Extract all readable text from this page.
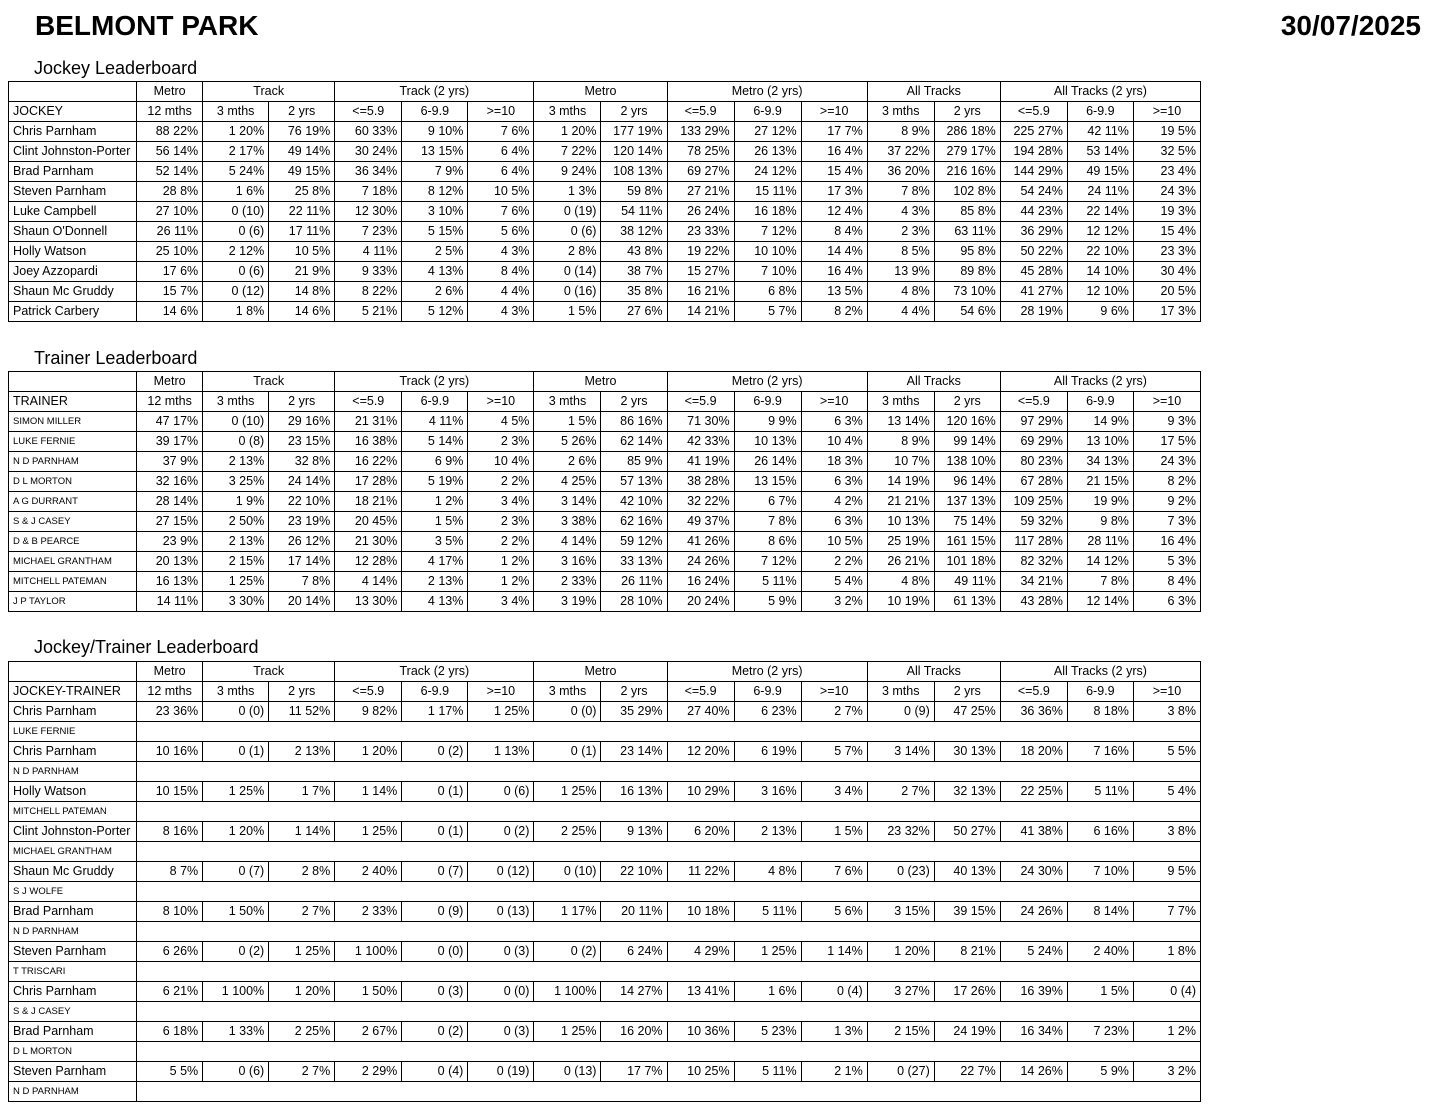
BELMONT PARK	30/07/2025
Jockey Leaderboard
	Metro	Track		Track (2 yrs)			Metro		Metro (2 yrs)			All Tracks		All Tracks (2 yrs)		
JOCKEY	12 mths	3 mths	2 yrs	<=5.9	6-9.9	>=10	3 mths	2 yrs	<=5.9	6-9.9	>=10	3 mths	2 yrs	<=5.9	6-9.9	>=10
Chris Parnham	88 22%	1 20%	76 19%	60 33%	9 10%	7 6%	1 20%	177 19%	133 29%	27 12%	17 7%	8 9%	286 18%	225 27%	42 11%	19 5%
Clint Johnston-Porter	56 14%	2 17%	49 14%	30 24%	13 15%	6 4%	7 22%	120 14%	78 25%	26 13%	16 4%	37 22%	279 17%	194 28%	53 14%	32 5%
Brad Parnham	52 14%	5 24%	49 15%	36 34%	7 9%	6 4%	9 24%	108 13%	69 27%	24 12%	15 4%	36 20%	216 16%	144 29%	49 15%	23 4%
Steven Parnham	28 8%	1 6%	25 8%	7 18%	8 12%	10 5%	1 3%	59 8%	27 21%	15 11%	17 3%	7 8%	102 8%	54 24%	24 11%	24 3%
Luke Campbell	27 10%	0 (10)	22 11%	12 30%	3 10%	7 6%	0 (19)	54 11%	26 24%	16 18%	12 4%	4 3%	85 8%	44 23%	22 14%	19 3%
Shaun O'Donnell	26 11%	0 (6)	17 11%	7 23%	5 15%	5 6%	0 (6)	38 12%	23 33%	7 12%	8 4%	2 3%	63 11%	36 29%	12 12%	15 4%
Holly Watson	25 10%	2 12%	10 5%	4 11%	2 5%	4 3%	2 8%	43 8%	19 22%	10 10%	14 4%	8 5%	95 8%	50 22%	22 10%	23 3%
Joey Azzopardi	17 6%	0 (6)	21 9%	9 33%	4 13%	8 4%	0 (14)	38 7%	15 27%	7 10%	16 4%	13 9%	89 8%	45 28%	14 10%	30 4%
Shaun Mc Gruddy	15 7%	0 (12)	14 8%	8 22%	2 6%	4 4%	0 (16)	35 8%	16 21%	6 8%	13 5%	4 8%	73 10%	41 27%	12 10%	20 5%
Patrick Carbery	14 6%	1 8%	14 6%	5 21%	5 12%	4 3%	1 5%	27 6%	14 21%	5 7%	8 2%	4 4%	54 6%	28 19%	9 6%	17 3%
Trainer Leaderboard
	Metro	Track		Track (2 yrs)			Metro		Metro (2 yrs)			All Tracks		All Tracks (2 yrs)		
TRAINER	12 mths	3 mths	2 yrs	<=5.9	6-9.9	>=10	3 mths	2 yrs	<=5.9	6-9.9	>=10	3 mths	2 yrs	<=5.9	6-9.9	>=10
SIMON MILLER	47 17%	0 (10)	29 16%	21 31%	4 11%	4 5%	1 5%	86 16%	71 30%	9 9%	6 3%	13 14%	120 16%	97 29%	14 9%	9 3%
LUKE FERNIE	39 17%	0 (8)	23 15%	16 38%	5 14%	2 3%	5 26%	62 14%	42 33%	10 13%	10 4%	8 9%	99 14%	69 29%	13 10%	17 5%
N D PARNHAM	37 9%	2 13%	32 8%	16 22%	6 9%	10 4%	2 6%	85 9%	41 19%	26 14%	18 3%	10 7%	138 10%	80 23%	34 13%	24 3%
D L MORTON	32 16%	3 25%	24 14%	17 28%	5 19%	2 2%	4 25%	57 13%	38 28%	13 15%	6 3%	14 19%	96 14%	67 28%	21 15%	8 2%
A G DURRANT	28 14%	1 9%	22 10%	18 21%	1 2%	3 4%	3 14%	42 10%	32 22%	6 7%	4 2%	21 21%	137 13%	109 25%	19 9%	9 2%
S & J CASEY	27 15%	2 50%	23 19%	20 45%	1 5%	2 3%	3 38%	62 16%	49 37%	7 8%	6 3%	10 13%	75 14%	59 32%	9 8%	7 3%
D & B PEARCE	23 9%	2 13%	26 12%	21 30%	3 5%	2 2%	4 14%	59 12%	41 26%	8 6%	10 5%	25 19%	161 15%	117 28%	28 11%	16 4%
MICHAEL GRANTHAM	20 13%	2 15%	17 14%	12 28%	4 17%	1 2%	3 16%	33 13%	24 26%	7 12%	2 2%	26 21%	101 18%	82 32%	14 12%	5 3%
MITCHELL PATEMAN	16 13%	1 25%	7 8%	4 14%	2 13%	1 2%	2 33%	26 11%	16 24%	5 11%	5 4%	4 8%	49 11%	34 21%	7 8%	8 4%
J P TAYLOR	14 11%	3 30%	20 14%	13 30%	4 13%	3 4%	3 19%	28 10%	20 24%	5 9%	3 2%	10 19%	61 13%	43 28%	12 14%	6 3%
Jockey/Trainer Leaderboard
	Metro	Track		Track (2 yrs)			Metro		Metro (2 yrs)			All Tracks		All Tracks (2 yrs)		
JOCKEY-TRAINER	12 mths	3 mths	2 yrs	<=5.9	6-9.9	>=10	3 mths	2 yrs	<=5.9	6-9.9	>=10	3 mths	2 yrs	<=5.9	6-9.9	>=10
Chris Parnham	23 36%	0 (0)	11 52%	9 82%	1 17%	1 25%	0 (0)	35 29%	27 40%	6 23%	2 7%	0 (9)	47 25%	36 36%	8 18%	3 8%
LUKE FERNIE																
Chris Parnham	10 16%	0 (1)	2 13%	1 20%	0 (2)	1 13%	0 (1)	23 14%	12 20%	6 19%	5 7%	3 14%	30 13%	18 20%	7 16%	5 5%
N D PARNHAM																
Holly Watson	10 15%	1 25%	1 7%	1 14%	0 (1)	0 (6)	1 25%	16 13%	10 29%	3 16%	3 4%	2 7%	32 13%	22 25%	5 11%	5 4%
MITCHELL PATEMAN																
Clint Johnston-Porter	8 16%	1 20%	1 14%	1 25%	0 (1)	0 (2)	2 25%	9 13%	6 20%	2 13%	1 5%	23 32%	50 27%	41 38%	6 16%	3 8%
MICHAEL GRANTHAM																
Shaun Mc Gruddy	8 7%	0 (7)	2 8%	2 40%	0 (7)	0 (12)	0 (10)	22 10%	11 22%	4 8%	7 6%	0 (23)	40 13%	24 30%	7 10%	9 5%
S J WOLFE																
Brad Parnham	8 10%	1 50%	2 7%	2 33%	0 (9)	0 (13)	1 17%	20 11%	10 18%	5 11%	5 6%	3 15%	39 15%	24 26%	8 14%	7 7%
N D PARNHAM																
Steven Parnham	6 26%	0 (2)	1 25%	1 100%	0 (0)	0 (3)	0 (2)	6 24%	4 29%	1 25%	1 14%	1 20%	8 21%	5 24%	2 40%	1 8%
T TRISCARI																
Chris Parnham	6 21%	1 100%	1 20%	1 50%	0 (3)	0 (0)	1 100%	14 27%	13 41%	1 6%	0 (4)	3 27%	17 26%	16 39%	1 5%	0 (4)
S & J CASEY																
Brad Parnham	6 18%	1 33%	2 25%	2 67%	0 (2)	0 (3)	1 25%	16 20%	10 36%	5 23%	1 3%	2 15%	24 19%	16 34%	7 23%	1 2%
D L MORTON																
Steven Parnham	5 5%	0 (6)	2 7%	2 29%	0 (4)	0 (19)	0 (13)	17 7%	10 25%	5 11%	2 1%	0 (27)	22 7%	14 26%	5 9%	3 2%
N D PARNHAM																
